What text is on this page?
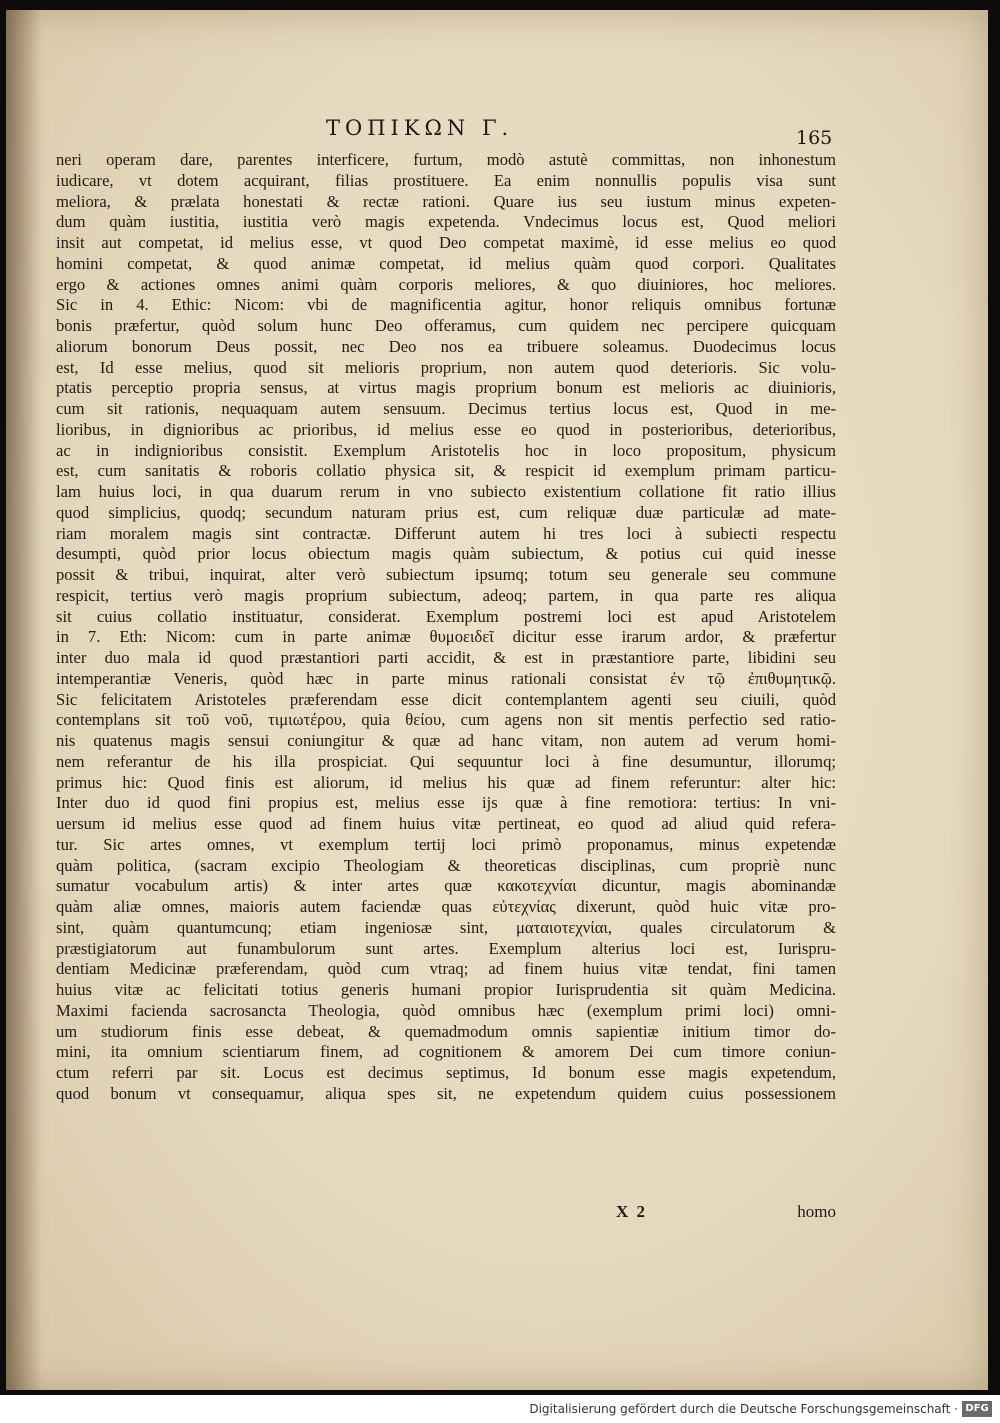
ΤΟΠΙΚΩΝ Γ.	165
neri operam dare, parentes interficere, furtum, modò astutè committas, non inhonestum
iudicare, vt dotem acquirant, filias prostituere. Ea enim nonnullis populis visa sunt
meliora, & prælata honestati & rectæ rationi. Quare ius seu iustum minus expeten-
dum quàm iustitia, iustitia verò magis expetenda. Vndecimus locus est, Quod meliori
insit aut competat, id melius esse, vt quod Deo competat maximè, id esse melius eo quod
homini competat, & quod animæ competat, id melius quàm quod corpori. Qualitates
ergo & actiones omnes animi quàm corporis meliores, & quo diuiniores, hoc meliores.
Sic in 4. Ethic: Nicom: vbi de magnificentia agitur, honor reliquis omnibus fortunæ
bonis præfertur, quòd solum hunc Deo offeramus, cum quidem nec percipere quicquam
aliorum bonorum Deus possit, nec Deo nos ea tribuere soleamus. Duodecimus locus
est, Id esse melius, quod sit melioris proprium, non autem quod deterioris. Sic volu-
ptatis perceptio propria sensus, at virtus magis proprium bonum est melioris ac diuinioris,
cum sit rationis, nequaquam autem sensuum. Decimus tertius locus est, Quod in me-
lioribus, in dignioribus ac prioribus, id melius esse eo quod in posterioribus, deterioribus,
ac in indignioribus consistit. Exemplum Aristotelis hoc in loco propositum, physicum
est, cum sanitatis & roboris collatio physica sit, & respicit id exemplum primam particu-
lam huius loci, in qua duarum rerum in vno subiecto existentium collatione fit ratio illius
quod simplicius, quodq; secundum naturam prius est, cum reliquæ duæ particulæ ad mate-
riam moralem magis sint contractæ. Differunt autem hi tres loci à subiecti respectu
desumpti, quòd prior locus obiectum magis quàm subiectum, & potius cui quid inesse
possit & tribui, inquirat, alter verò subiectum ipsumq; totum seu generale seu commune
respicit, tertius verò magis proprium subiectum, adeoq; partem, in qua parte res aliqua
sit cuius collatio instituatur, considerat. Exemplum postremi loci est apud Aristotelem
in 7. Eth: Nicom: cum in parte animæ θυμοειδεῖ dicitur esse irarum ardor, & præfertur
inter duo mala id quod præstantiori parti accidit, & est in præstantiore parte, libidini seu
intemperantiæ Veneris, quòd hæc in parte minus rationali consistat ἐν τῷ ἐπιθυμητικῷ.
Sic felicitatem Aristoteles præferendam esse dicit contemplantem agenti seu ciuili, quòd
contemplans sit τοῦ νοῦ, τιμιωτέρου, quia θείου, cum agens non sit mentis perfectio sed ratio-
nis quatenus magis sensui coniungitur & quæ ad hanc vitam, non autem ad verum homi-
nem referantur de his illa prospiciat. Qui sequuntur loci à fine desumuntur, illorumq;
primus hic: Quod finis est aliorum, id melius his quæ ad finem referuntur: alter hic:
Inter duo id quod fini propius est, melius esse ijs quæ à fine remotiora: tertius: In vni-
uersum id melius esse quod ad finem huius vitæ pertineat, eo quod ad aliud quid refera-
tur. Sic artes omnes, vt exemplum tertij loci primò proponamus, minus expetendæ
quàm politica, (sacram excipio Theologiam & theoreticas disciplinas, cum propriè nunc
sumatur vocabulum artis) & inter artes quæ κακοτεχνίαι dicuntur, magis abominandæ
quàm aliæ omnes, maioris autem faciendæ quas εὐτεχνίας dixerunt, quòd huic vitæ pro-
sint, quàm quantumcunq; etiam ingeniosæ sint, ματαιοτεχνίαι, quales circulatorum &
præstigiatorum aut funambulorum sunt artes. Exemplum alterius loci est, Iurispru-
dentiam Medicinæ præferendam, quòd cum vtraq; ad finem huius vitæ tendat, fini tamen
huius vitæ ac felicitati totius generis humani propior Iurisprudentia sit quàm Medicina.
Maximi facienda sacrosancta Theologia, quòd omnibus hæc (exemplum primi loci) omni-
um studiorum finis esse debeat, & quemadmodum omnis sapientiæ initium timor do-
mini, ita omnium scientiarum finem, ad cognitionem & amorem Dei cum timore coniun-
ctum referri par sit. Locus est decimus septimus, Id bonum esse magis expetendum,
quod bonum vt consequamur, aliqua spes sit, ne expetendum quidem cuius possessionem
X 2	homo
Digitalisierung gefördert durch die Deutsche Forschungsgemeinschaft · DFG
